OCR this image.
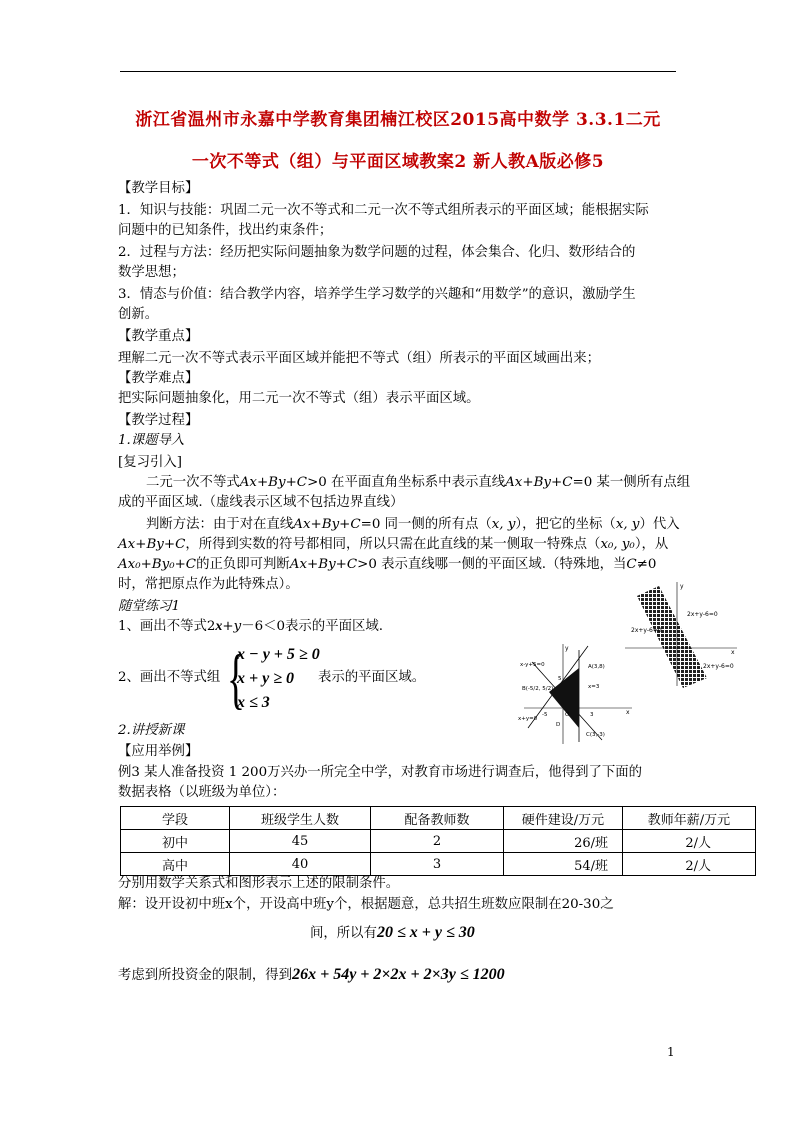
浙江省温州市永嘉中学教育集团楠江校区2015高中数学 3.3.1二元
一次不等式（组）与平面区域教案2 新人教A版必修5
【教学目标】
1．知识与技能：巩固二元一次不等式和二元一次不等式组所表示的平面区域；能根据实际
问题中的已知条件，找出约束条件；
2．过程与方法：经历把实际问题抽象为数学问题的过程，体会集合、化归、数形结合的
数学思想；
3．情态与价值：结合教学内容，培养学生学习数学的兴趣和“用数学”的意识，激励学生
创新。
【教学重点】
理解二元一次不等式表示平面区域并能把不等式（组）所表示的平面区域画出来；
【教学难点】
把实际问题抽象化，用二元一次不等式（组）表示平面区域。
【教学过程】
1.课题导入
[复习引入]
二元一次不等式Ax+By+C>0 在平面直角坐标系中表示直线Ax+By+C=0 某一侧所有点组
成的平面区域.（虚线表示区域不包括边界直线）
判断方法：由于对在直线Ax+By+C=0 同一侧的所有点（x, y），把它的坐标（x, y）代入
Ax+By+C，所得到实数的符号都相同，所以只需在此直线的某一侧取一特殊点（x₀, y₀），从
Ax₀+By₀+C的正负即可判断Ax+By+C>0 表示直线哪一侧的平面区域.（特殊地，当C≠0
时，常把原点作为此特殊点）。
随堂练习1
1、画出不等式2x+y－6＜0表示的平面区域.
2、画出不等式组 {
x − y + 5 ≥ 0
x + y ≥ 0
x ≤ 3
表示的平面区域。
2.讲授新课
【应用举例】
例3 某人准备投资 1 200万兴办一所完全中学，对教育市场进行调查后，他得到了下面的
数据表格（以班级为单位）：
学段	班级学生人数	配备教师数	硬件建设/万元	教师年薪/万元
初中	45	2	26/班	2/人
高中	40	3	54/班	2/人
分别用数学关系式和图形表示上述的限制条件。
解：设开设初中班x个，开设高中班y个，根据题意，总共招生班数应限制在20-30之
间，所以有20 ≤ x + y ≤ 30
考虑到所投资金的限制，得到26x + 54y + 2×2x + 2×3y ≤ 1200
2x+y-6=0
2x+y-6=0
2x+y-6=0
y
x
x-y+5=0
y
A(3,8)
x=3
B(-5/2, 5/2)
5
-5	O	3	x
x+y=0
C(3,-3)
D
1
